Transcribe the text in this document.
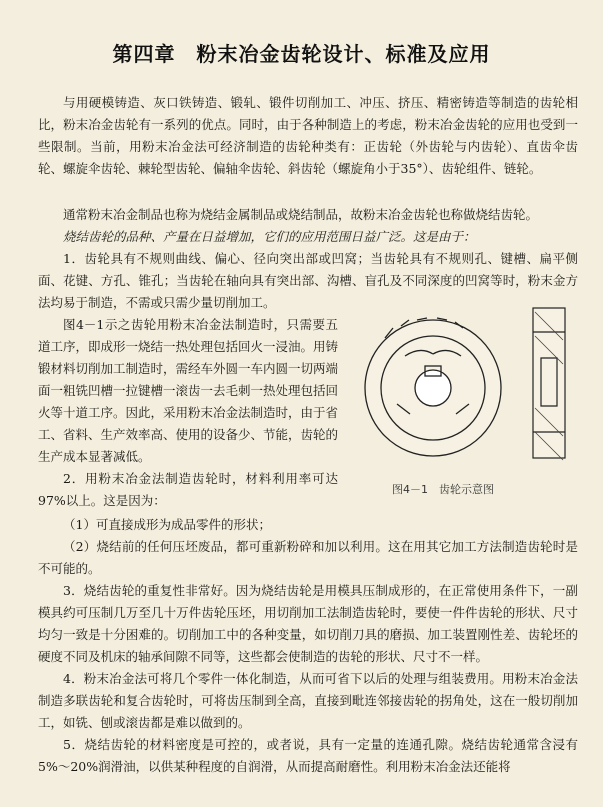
第四章　粉末冶金齿轮设计、标准及应用

与用硬模铸造、灰口铁铸造、锻轧、锻件切削加工、冲压、挤压、精密铸造等制造的齿轮相比，粉末冶金齿轮有一系列的优点。同时，由于各种制造上的考虑，粉末冶金齿轮的应用也受到一些限制。当前，用粉末冶金法可经济制造的齿轮种类有：正齿轮（外齿轮与内齿轮）、直齿伞齿轮、螺旋伞齿轮、棘轮型齿轮、偏轴伞齿轮、斜齿轮（螺旋角小于35°）、齿轮组件、链轮。

通常粉末冶金制品也称为烧结金属制品或烧结制品，故粉末冶金齿轮也称做烧结齿轮。

烧结齿轮的品种、产量在日益增加，它们的应用范围日益广泛。这是由于：

1．齿轮具有不规则曲线、偏心、径向突出部或凹窝；当齿轮具有不规则孔、键槽、扁平侧面、花键、方孔、锥孔；当齿轮在轴向具有突出部、沟槽、盲孔及不同深度的凹窝等时，粉末金方法均易于制造，不需或只需少量切削加工。

图4－1示之齿轮用粉末冶金法制造时，只需要五道工序，即成形一烧结一热处理包括回火一浸油。用铸锻材料切削加工制造时，需经车外圆一车内圆一切两端面一粗铣凹槽一拉键槽一滚齿一去毛刺一热处理包括回火等十道工序。因此，采用粉末冶金法制造时，由于省工、省料、生产效率高、使用的设备少、节能，齿轮的生产成本显著减低。

2．用粉末冶金法制造齿轮时，材料利用率可达97%以上。这是因为：

图4－1　齿轮示意图

（1）可直接成形为成品零件的形状；

（2）烧结前的任何压坯废品，都可重新粉碎和加以利用。这在用其它加工方法制造齿轮时是不可能的。

3．烧结齿轮的重复性非常好。因为烧结齿轮是用模具压制成形的，在正常使用条件下，一副模具约可压制几万至几十万件齿轮压坯，用切削加工法制造齿轮时，要使一件件齿轮的形状、尺寸均匀一致是十分困难的。切削加工中的各种变量，如切削刀具的磨损、加工装置刚性差、齿轮坯的硬度不同及机床的轴承间隙不同等，这些都会使制造的齿轮的形状、尺寸不一样。

4．粉末冶金法可将几个零件一体化制造，从而可省下以后的处理与组装费用。用粉末冶金法制造多联齿轮和复合齿轮时，可将齿压制到全高，直接到毗连邻接齿轮的拐角处，这在一般切削加工，如铣、刨或滚齿都是难以做到的。

5．烧结齿轮的材料密度是可控的，或者说，具有一定量的连通孔隙。烧结齿轮通常含浸有5%～20%润滑油，以供某种程度的自润滑，从而提高耐磨性。利用粉末冶金法还能将
